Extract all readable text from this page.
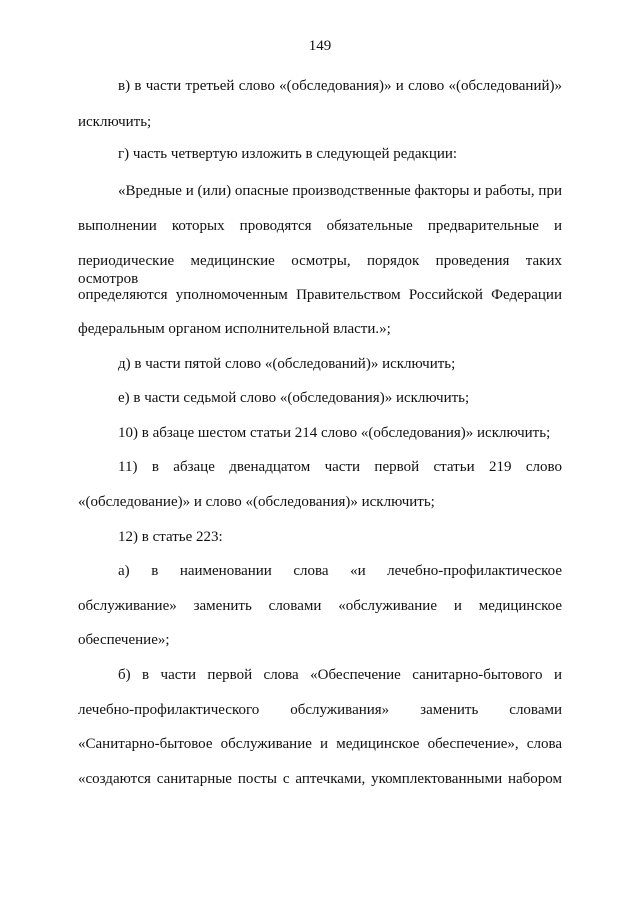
149
в) в части третьей слово «(обследования)» и слово «(обследований)»
исключить;
г) часть четвертую изложить в следующей редакции:
«Вредные и (или) опасные производственные факторы и работы, при
выполнении которых проводятся обязательные предварительные и
периодические медицинские осмотры, порядок проведения таких осмотров
определяются уполномоченным Правительством Российской Федерации
федеральным органом исполнительной власти.»;
д) в части пятой слово «(обследований)» исключить;
е) в части седьмой слово «(обследования)» исключить;
10) в абзаце шестом статьи 214 слово «(обследования)» исключить;
11) в абзаце двенадцатом части первой статьи 219 слово
«(обследование)» и слово «(обследования)» исключить;
12) в статье 223:
а) в наименовании слова «и лечебно-профилактическое
обслуживание» заменить словами «обслуживание и медицинское
обеспечение»;
б) в части первой слова «Обеспечение санитарно-бытового и
лечебно-профилактического обслуживания» заменить словами
«Санитарно-бытовое обслуживание и медицинское обеспечение», слова
«создаются санитарные посты с аптечками, укомплектованными набором
